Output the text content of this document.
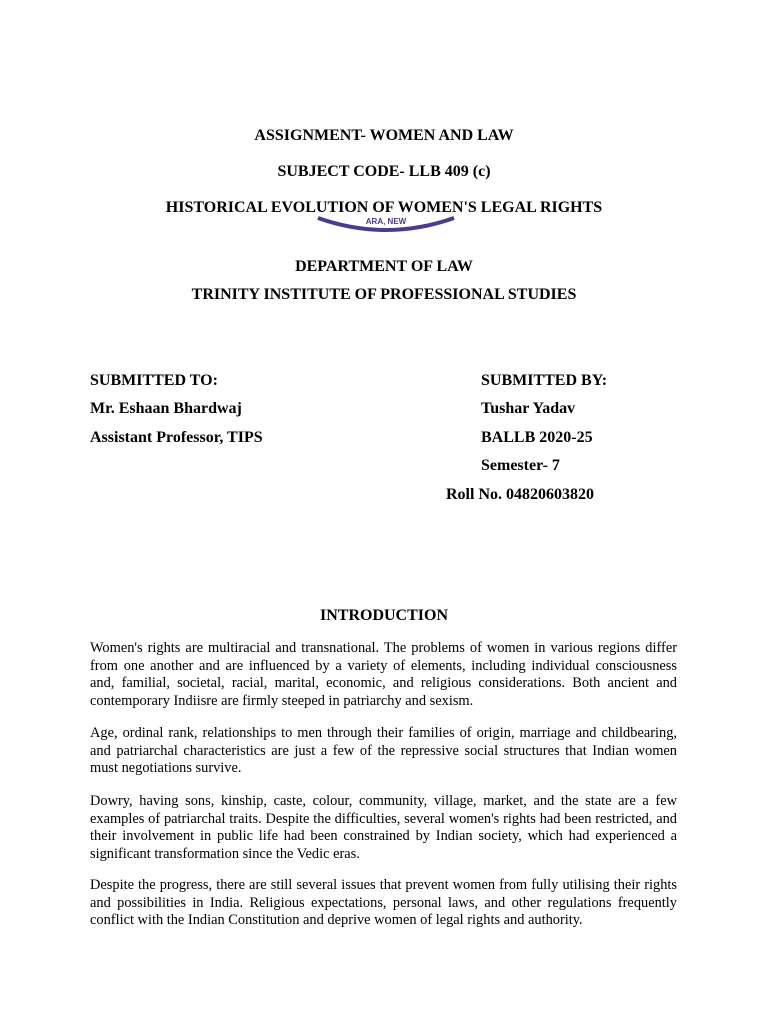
ASSIGNMENT- WOMEN AND LAW
SUBJECT CODE- LLB 409 (c)
ARA, NEW
HISTORICAL EVOLUTION OF WOMEN'S LEGAL RIGHTS
DEPARTMENT OF LAW
TRINITY INSTITUTE OF PROFESSIONAL STUDIES
SUBMITTED TO:
Mr. Eshaan Bhardwaj
Assistant Professor, TIPS
SUBMITTED BY:
Tushar Yadav
BALLB 2020-25
Semester- 7
Roll No. 04820603820
INTRODUCTION

Women's rights are multiracial and transnational. The problems of women in various regions differ from one another and are influenced by a variety of elements, including individual consciousness and, familial, societal, racial, marital, economic, and religious considerations. Both ancient and contemporary Indiisre are firmly steeped in patriarchy and sexism.

Age, ordinal rank, relationships to men through their families of origin, marriage and childbearing, and patriarchal characteristics are just a few of the repressive social structures that Indian women must negotiations survive.

Dowry, having sons, kinship, caste, colour, community, village, market, and the state are a few examples of patriarchal traits. Despite the difficulties, several women's rights had been restricted, and their involvement in public life had been constrained by Indian society, which had experienced a significant transformation since the Vedic eras.

Despite the progress, there are still several issues that prevent women from fully utilising their rights and possibilities in India. Religious expectations, personal laws, and other regulations frequently conflict with the Indian Constitution and deprive women of legal rights and authority.
